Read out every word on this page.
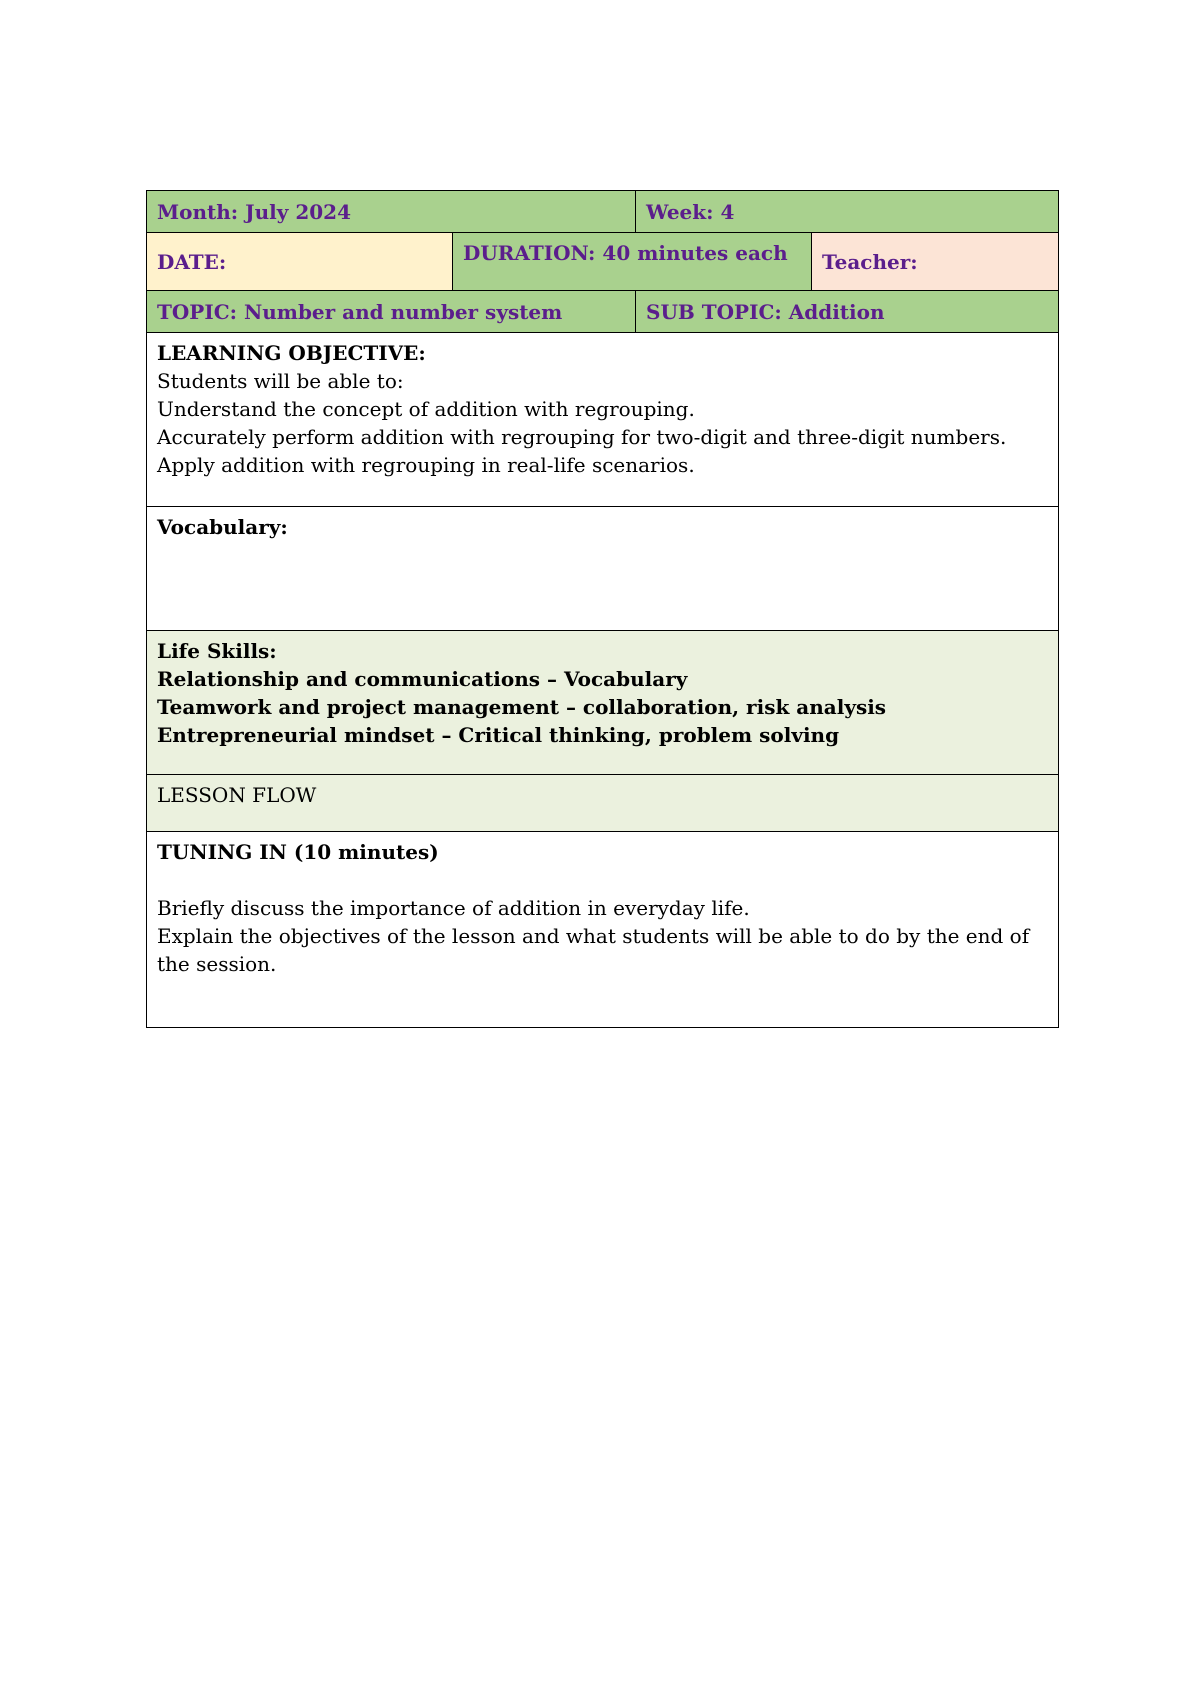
Month: July 2024		Week: 4	
DATE:	DURATION: 40 minutes each		Teacher:
TOPIC: Number and number system		SUB TOPIC: Addition	

LEARNING OBJECTIVE:
Students will be able to:
Understand the concept of addition with regrouping.
Accurately perform addition with regrouping for two-digit and three-digit numbers.
Apply addition with regrouping in real-life scenarios.			

Vocabulary:			

Life Skills:
Relationship and communications – Vocabulary
Teamwork and project management – collaboration, risk analysis
Entrepreneurial mindset – Critical thinking, problem solving			

LESSON FLOW			

TUNING IN (10 minutes)
Briefly discuss the importance of addition in everyday life.
Explain the objectives of the lesson and what students will be able to do by the end of the session.			
